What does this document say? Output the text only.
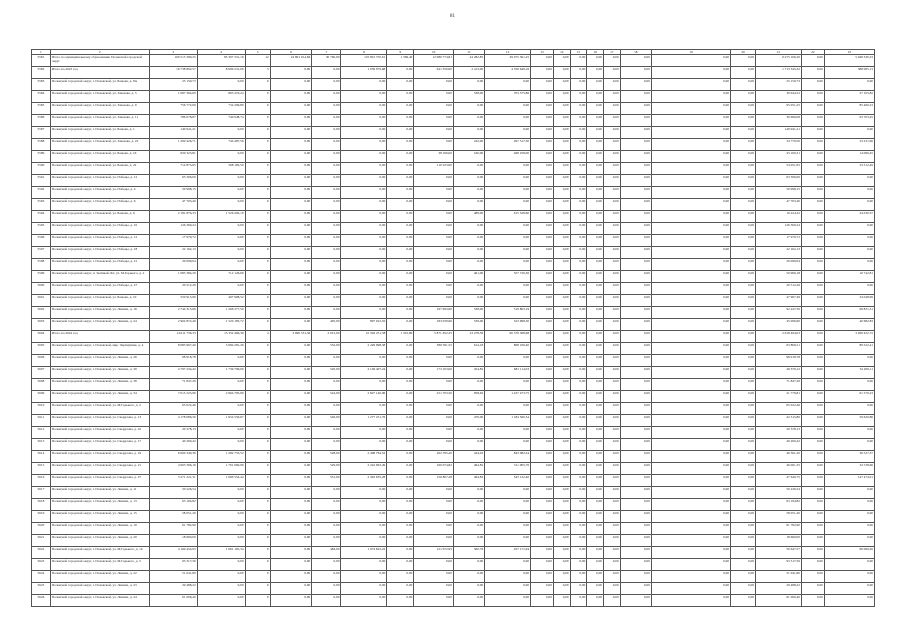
81
1	2	3	4	5	6	7	8	9	10	11	12	13	14	15	16	17	18	19	20	21	22	23
5581	Итого по муниципальному образованию Полевской городской округ	100 515 399,25	85 397 331,16	12	24 801 014,84	30 760,00	125 801 370,61	1 369,40	12 080 774,81	44 282,85	49 075 361,25	0,00	0,00	0,00	0,00	0,00	0,00	0,00	0,00	9 275 106,20	0,00	5 948 330,23
5582	Итого на 2023 год	16 738 802,57	8 699 231,06	3	0,00	0,00	1 039 079,68	0,00	641 350,00	2 413,00	4 356 649,16	0,00	0,00	0,00	0,00	0,00	0,00	0,00	0,00	1 713 345,32	0,00	388 065,13
5583	Полевской городской округ, г. Полевской, ул. Бажова, д. 8А	25 159,73	0,00	0	0,00	0,00	0,00	0,00	0,00	0,00	0,00	0,00	0,00	0,00	0,00	0,00	0,00	0,00	0,00	25 159,73	0,00	0,00
5584	Полевской городской округ, г. Полевской, ул. Хмелева, д. 5	1 687 364,09	893 219,24	0	0,00	0,00	0,00	0,00	0,00	538,00	703 375,86	0,00	0,00	0,00	0,00	0,00	0,00	0,00	0,00	39 944,52	0,00	27 105,82
5585	Полевской городской округ, г. Полевской, ул. Хмелева, д. 9	756 772,69	732 296,80	0	0,00	0,00	0,00	0,00	0,00	0,00	0,00	0,00	0,00	0,00	0,00	0,00	0,00	0,00	0,00	95 051,25	0,00	85 460,23
5586	Полевской городской округ, г. Полевской, ул. Хмелева, д. 11	786 078,87	749 948,74	0	0,00	0,00	0,00	0,00	0,00	0,00	0,00	0,00	0,00	0,00	0,00	0,00	0,00	0,00	0,00	36 696,08	0,00	63 703,45
5587	Полевской городской округ, г. Полевской, ул. Бажова, д. 1	149 941,21	0,00	0	0,00	0,00	0,00	0,00	0,00	0,00	0,00	0,00	0,00	0,00	0,00	0,00	0,00	0,00	0,00	149 941,21	0,00	0,00
5588	Полевской городской округ, г. Полевской, ул. Хмелева, д. 22	1 299 426,71	744 487,56	0	0,00	0,00	0,00	0,00	0,00	242,90	497 317,30	0,00	0,00	0,00	0,00	0,00	0,00	0,00	0,00	34 779,50	0,00	23 231,96
5589	Полевской городской округ, г. Полевской, ул. Бажова, д. 16	659 323,81	0,00	0	0,00	0,00	0,00	0,00	38 166,00	160,00	468 258,00	0,00	0,00	0,00	0,00	0,00	0,00	0,00	0,00	43 100,31	0,00	14 096,45
5590	Полевской городской округ, г. Полевской, ул. Бажова, д. 22	714 873,65	598 182,50	0	0,00	0,00	0,00	0,00	110 223,00	0,00	0,00	0,00	0,00	0,00	0,00	0,00	0,00	0,00	0,00	54 051,65	0,00	23 512,49
5591	Полевской городской округ, г. Полевской, ул. Победы, д. 12	63 306,00	0,00	0	0,00	0,00	0,00	0,00	0,00	0,00	0,00	0,00	0,00	0,00	0,00	0,00	0,00	0,00	0,00	63 306,00	0,00	0,00
5592	Полевской городской округ, г. Полевской, ул. Победы, д. 4	50 998,15	0,00	0	0,00	0,00	0,00	0,00	0,00	0,00	0,00	0,00	0,00	0,00	0,00	0,00	0,00	0,00	0,00	50 998,15	0,00	0,00
5593	Полевской городской округ, г. Полевской, ул. Победы, д. 6	47 703,40	0,00	0	0,00	0,00	0,00	0,00	0,00	0,00	0,00	0,00	0,00	0,00	0,00	0,00	0,00	0,00	0,00	47 703,40	0,00	0,00
5594	Полевской городской округ, г. Полевской, ул. Бажова, д. 6	2 181 876,33	1 526 292,10	0	0,00	0,00	0,00	0,00	0,00	489,00	615 328,60	0,00	0,00	0,00	0,00	0,00	0,00	0,00	0,00	16 224,32	0,00	24 030,37
5595	Полевской городской округ, г. Полевской, ул. Победы, д. 10	126 309,24	0,00	0	0,00	0,00	0,00	0,00	0,00	0,00	0,00	0,00	0,00	0,00	0,00	0,00	0,00	0,00	0,00	126 309,24	0,00	0,00
5596	Полевской городской округ, г. Полевской, ул. Победы, д. 12	17 979,72	0,00	0	0,00	0,00	0,00	0,00	0,00	0,00	0,00	0,00	0,00	0,00	0,00	0,00	0,00	0,00	0,00	17 979,72	0,00	0,00
5597	Полевской городской округ, г. Полевской, ул. Победы, д. 18	22 162,13	0,00	0	0,00	0,00	0,00	0,00	0,00	0,00	0,00	0,00	0,00	0,00	0,00	0,00	0,00	0,00	0,00	22 162,13	0,00	0,00
5598	Полевской городской округ, г. Полевской, ул. Победы, д. 21	29 099,04	0,00	0	0,00	0,00	0,00	0,00	0,00	0,00	0,00	0,00	0,00	0,00	0,00	0,00	0,00	0,00	0,00	29 099,04	0,00	0,00
5599	Полевской городской округ, п. Зелёный Лог, ул. М.Горького, д. 2	1 085 384,29	712 126,66	0	0,00	0,00	0,00	0,00	0,00	461,00	357 726,36	0,00	0,00	0,00	0,00	0,00	0,00	0,00	0,00	50 960,18	0,00	10 742,81
5600	Полевской городской округ, г. Полевской, ул. Победы, д. 27	20 512,29	0,00	0	0,00	0,00	0,00	0,00	0,00	0,00	0,00	0,00	0,00	0,00	0,00	0,00	0,00	0,00	0,00	20 512,29	0,00	0,00
5601	Полевской городской округ, г. Полевской, ул. Бажова, д. 10	550 915,99	497 908,52	0	0,00	0,00	0,00	0,00	0,00	0,00	0,00	0,00	0,00	0,00	0,00	0,00	0,00	0,00	0,00	47 967,49	0,00	34 048,99
5602	Полевской городской округ, г. Полевской, ул. Ленина, д. 16	2 744 315,66	1 266 377,50	0	0,00	0,00	0,00	0,00	197 993,60	538,00	519 803,19	0,00	0,00	0,00	0,00	0,00	0,00	0,00	0,00	92 247,50	0,00	69 831,31
5603	Полевской городской округ, г. Полевской, ул. Ленина, д. 24	2 964 872,49	1 520 185,72	0	0,00	495,00	897 022,50	0,00	183 039,66	539,00	523 698,30	0,00	0,00	0,00	0,00	0,00	0,00	0,00	0,00	45 096,60	0,00	40 682,83
5604	Итого на 2024 год	14 611 736,33	13 332 466,39	4	3 690 531,56	2 615,00	10 394 251,38	1 301,80	5 871 652,25	23 278,59	90 379 368,68	0,00	0,00	0,00	0,00	0,00	0,00	0,00	0,00	2 618 494,03	0,00	3 266 452,72
5605	Полевской городской округ, г. Полевской, мкр. Черёмушки, д. 4	8 683 907,40	3 684 281,26	0	0,00	552,00	2 429 998,38	0,00	386 591,55	614,18	808 169,40	0,00	0,00	0,00	0,00	0,00	0,00	0,00	0,00	63 806,51	0,00	89 522,41
5606	Полевской городской округ, г. Полевской, ул. Ленина, д. 26	98 918,78	0,00	0	0,00	0,00	0,00	0,00	0,00	0,00	0,00	0,00	0,00	0,00	0,00	0,00	0,00	0,00	0,00	98 918,78	0,00	0,00
5607	Полевской городской округ, г. Полевской, ул. Ленина, д. 30	4 797 234,42	1 739 796,06	0	0,00	520,00	2 149 407,24	0,00	173 103,00	454,82	681 114,03	0,00	0,00	0,00	0,00	0,00	0,00	0,00	0,00	49 379,12	0,00	34 206,11
5608	Полевской городской округ, г. Полевской, ул. Ленина, д. 38	71 847,26	0,00	0	0,00	0,00	0,00	0,00	0,00	0,00	0,00	0,00	0,00	0,00	0,00	0,00	0,00	0,00	0,00	71 847,26	0,00	0,00
5609	Полевской городской округ, г. Полевской, ул. Ленина, д. 34	7 015 225,96	2 964 795,90	0	0,00	524,00	2 827 140,96	0,00	251 703,56	958,62	1 227 473,75	0,00	0,00	0,00	0,00	0,00	0,00	0,00	0,00	21 779,81	0,00	61 570,23
5610	Полевской городской округ, г. Полевской, ул. М.Горького, д. 2	65 022,46	0,00	0	0,00	0,00	0,00	0,00	0,00	0,00	0,00	0,00	0,00	0,00	0,00	0,00	0,00	0,00	0,00	65 022,46	0,00	0,00
5611	Полевской городской округ, г. Полевской, ул. Свердлова, д. 13	4 178 086,56	1 654 559,67	0	0,00	546,00	1 277 251,76	0,00	0,00	470,00	1 184 560,34	0,00	0,00	0,00	0,00	0,00	0,00	0,00	0,00	42 315,80	0,00	59 620,86
5612	Полевской городской округ, г. Полевской, ул. Свердлова, д. 22	20 378,13	0,00	0	0,00	0,00	0,00	0,00	0,00	0,00	0,00	0,00	0,00	0,00	0,00	0,00	0,00	0,00	0,00	20 378,13	0,00	0,00
5613	Полевской городской округ, г. Полевской, ул. Свердлова, д. 17	40 260,42	0,00	0	0,00	0,00	0,00	0,00	0,00	0,00	0,00	0,00	0,00	0,00	0,00	0,00	0,00	0,00	0,00	40 260,42	0,00	0,00
5614	Полевской городской округ, г. Полевской, ул. Свердлова, д. 19	6 600 349,36	1 282 753,52	0	0,00	528,00	2 408 764,52	0,00	262 765,20	434,02	843 082,24	0,00	0,00	0,00	0,00	0,00	0,00	0,00	0,00	46 361,20	0,00	36 527,37
5615	Полевской городской округ, г. Полевской, ул. Свердлова, д. 21	4 903 396,16	1 761 660,96	0	0,00	529,00	2 242 993,49	0,00	160 074,82	464,82	511 005,76	0,00	0,00	0,00	0,00	0,00	0,00	0,00	0,00	46 061,35	0,00	34 728,66
5616	Полевской городской округ, г. Полевской, ул. Свердлова, д. 27	3 271 221,31	1 090 554,44	0	0,00	531,00	2 463 635,28	0,00	156 807,28	464,82	543 132,40	0,00	0,00	0,00	0,00	0,00	0,00	0,00	0,00	47 640,75	0,00	147 474,01
5617	Полевской городской округ, г. Полевской, ул. Ленина, д. 11	50 226,54	0,00	0	0,00	0,00	0,00	0,00	0,00	0,00	0,00	0,00	0,00	0,00	0,00	0,00	0,00	0,00	0,00	50 226,54	0,00	0,00
5618	Полевской городской округ, г. Полевской, ул. Ленина, д. 13	63 194,82	0,00	0	0,00	0,00	0,00	0,00	0,00	0,00	0,00	0,00	0,00	0,00	0,00	0,00	0,00	0,00	0,00	63 194,82	0,00	0,00
5619	Полевской городской округ, г. Полевской, ул. Ленина, д. 15	58 051,20	0,00	0	0,00	0,00	0,00	0,00	0,00	0,00	0,00	0,00	0,00	0,00	0,00	0,00	0,00	0,00	0,00	58 051,20	0,00	0,00
5620	Полевской городской округ, г. Полевской, ул. Ленина, д. 19	61 782,90	0,00	0	0,00	0,00	0,00	0,00	0,00	0,00	0,00	0,00	0,00	0,00	0,00	0,00	0,00	0,00	0,00	61 782,90	0,00	0,00
5621	Полевской городской округ, г. Полевской, ул. Ленина, д. 20	18 660,00	0,00	0	0,00	0,00	0,00	0,00	0,00	0,00	0,00	0,00	0,00	0,00	0,00	0,00	0,00	0,00	0,00	18 660,00	0,00	0,00
5622	Полевской городской округ, г. Полевской, ул. М.Горького, д. 10	4 169 454,93	1 661 165,34	0	0,00	484,00	1 974 822,22	0,00	121 072,95	560,76	457 171,94	0,00	0,00	0,00	0,00	0,00	0,00	0,00	0,00	50 647,57	0,00	60 066,26
5623	Полевской городской округ, г. Полевской, ул. М.Горького, д. 5	93 317,56	0,00	0	0,00	0,00	0,00	0,00	0,00	0,00	0,00	0,00	0,00	0,00	0,00	0,00	0,00	0,00	0,00	93 317,56	0,00	0,00
5624	Полевской городской округ, г. Полевской, ул. Ленина, д. 22	51 041,80	0,00	0	0,00	0,00	0,00	0,00	0,00	0,00	0,00	0,00	0,00	0,00	0,00	0,00	0,00	0,00	0,00	51 041,80	0,00	0,00
5625	Полевской городской округ, г. Полевской, ул. Ленина, д. 23	29 488,22	0,00	0	0,00	0,00	0,00	0,00	0,00	0,00	0,00	0,00	0,00	0,00	0,00	0,00	0,00	0,00	0,00	29 488,22	0,00	0,00
5626	Полевской городской округ, г. Полевской, ул. Ленина, д. 24	61 006,40	0,00	0	0,00	0,00	0,00	0,00	0,00	0,00	0,00	0,00	0,00	0,00	0,00	0,00	0,00	0,00	0,00	61 006,40	0,00	0,00
